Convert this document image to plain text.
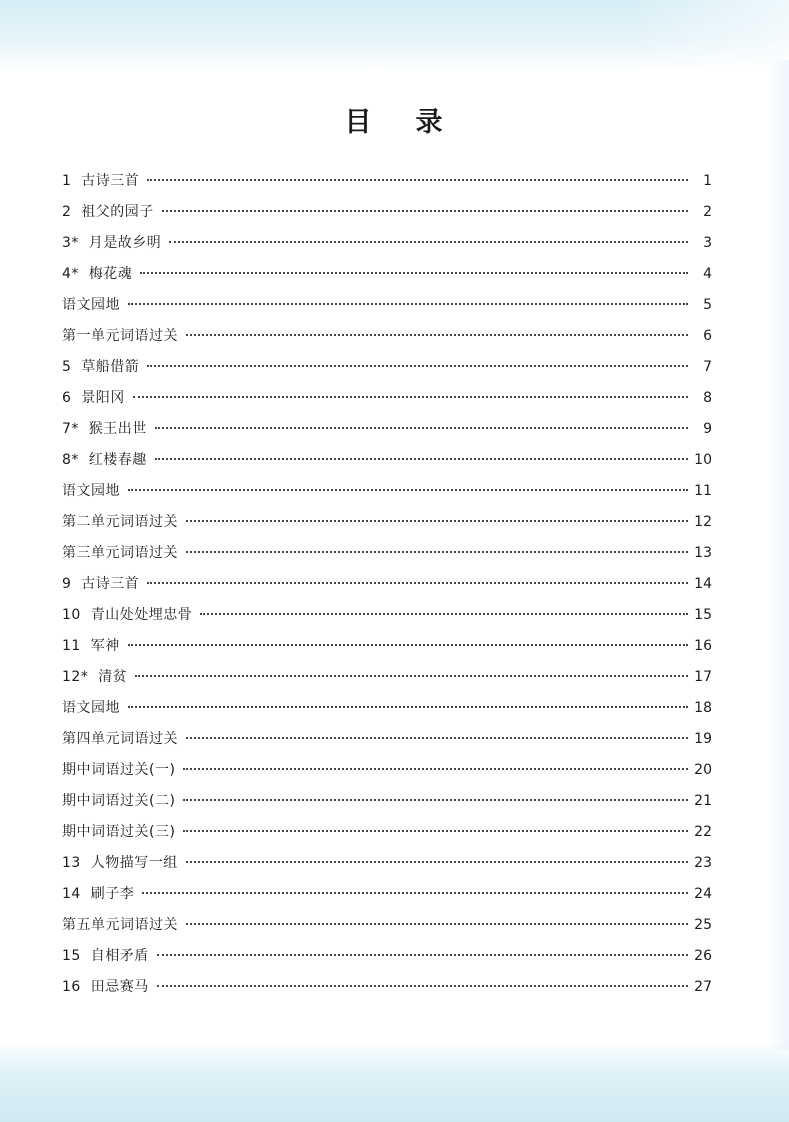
目 录
1  古诗三首	1
2  祖父的园子	2
3*  月是故乡明	3
4*  梅花魂	4
语文园地	5
第一单元词语过关	6
5  草船借箭	7
6  景阳冈	8
7*  猴王出世	9
8*  红楼春趣	10
语文园地	11
第二单元词语过关	12
第三单元词语过关	13
9  古诗三首	14
10  青山处处埋忠骨	15
11  军神	16
12*  清贫	17
语文园地	18
第四单元词语过关	19
期中词语过关(一)	20
期中词语过关(二)	21
期中词语过关(三)	22
13  人物描写一组	23
14  刷子李	24
第五单元词语过关	25
15  自相矛盾	26
16  田忌赛马	27
